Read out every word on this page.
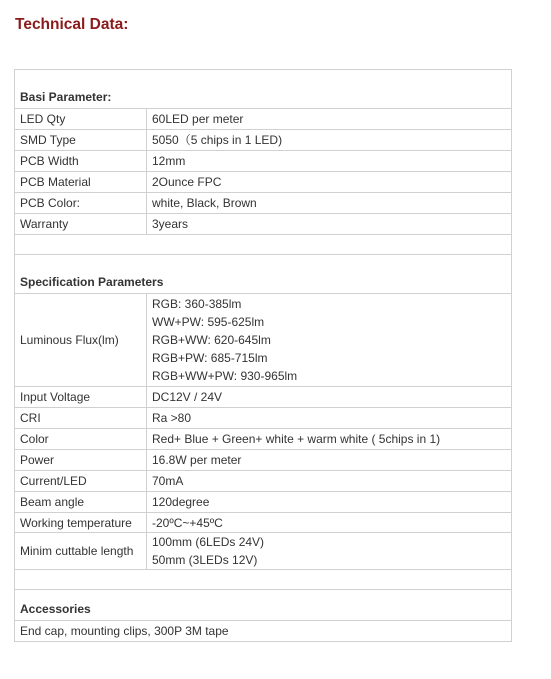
Technical Data:
Basi Parameter:	
LED Qty	60LED per meter
SMD Type	5050（5 chips in 1 LED)
PCB Width	12mm
PCB Material	2Ounce FPC
PCB Color:	white, Black, Brown
Warranty	3years

Specification Parameters	
Luminous Flux(lm)	RGB: 360-385lm
WW+PW: 595-625lm
RGB+WW: 620-645lm
RGB+PW: 685-715lm
RGB+WW+PW: 930-965lm

Input Voltage	DC12V / 24V
CRI	Ra >80
Color	Red+ Blue + Green+ white + warm white ( 5chips in 1)
Power	16.8W per meter
Current/LED	70mA
Beam angle	120degree
Working temperature	-20ºC~+45ºC
Minim cuttable length	100mm (6LEDs 24V)
50mm (3LEDs 12V)

Accessories	
End cap, mounting clips, 300P 3M tape	
